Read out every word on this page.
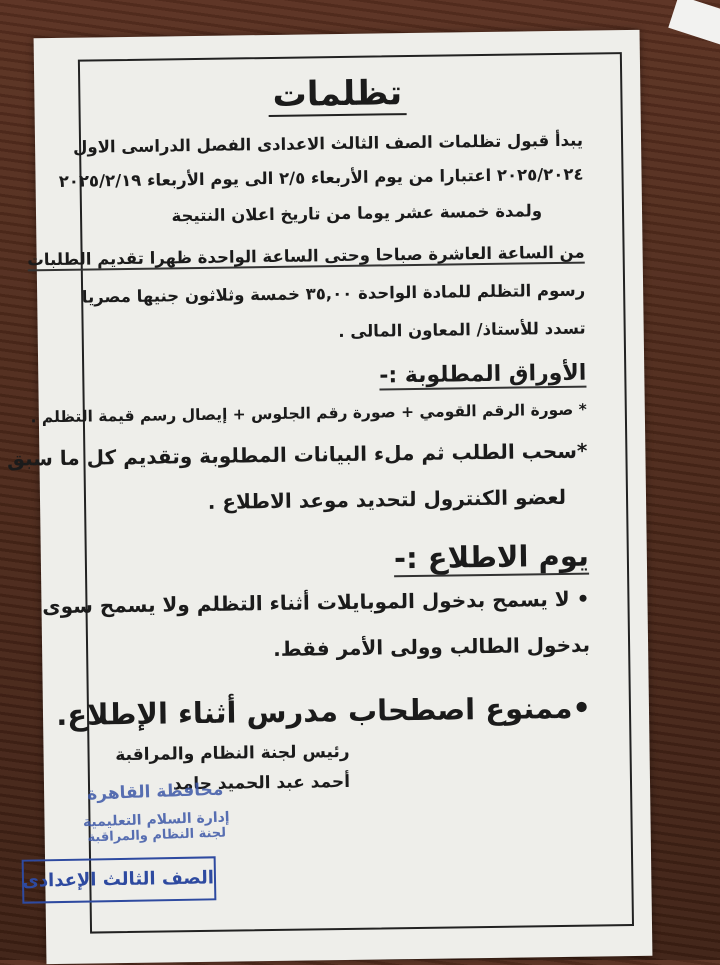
تظلمات
يبدأ قبول تظلمات الصف الثالث الاعدادى الفصل الدراسى الاول
٢٠٢٥/٢٠٢٤ اعتبارا من يوم الأربعاء ٢/٥ الى يوم الأربعاء ٢٠٢٥/٢/١٩
ولمدة خمسة عشر يوما من تاريخ اعلان النتيجة
من الساعة العاشرة صباحا وحتى الساعة الواحدة ظهرا تقديم الطلبات
رسوم التظلم للمادة الواحدة ٣٥,٠٠ خمسة وثلاثون جنيها مصريا
تسدد للأستاذ/ المعاون المالى .
الأوراق المطلوبة :-
* صورة الرقم القومي + صورة رقم الجلوس + إيصال رسم قيمة التظلم .
*سحب الطلب ثم ملء البيانات المطلوبة وتقديم كل ما سبق
لعضو الكنترول لتحديد موعد الاطلاع .
يوم الاطلاع :-
• لا يسمح بدخول الموبايلات أثناء التظلم ولا يسمح سوى
بدخول الطالب وولى الأمر فقط.
•ممنوع اصطحاب مدرس أثناء الإطلاع.
رئيس لجنة النظام والمراقبة
أحمد عبد الحميد حامد
محافظة القاهرة
إدارة السلام التعليمية
لجنة النظام والمراقبة
الصف الثالث الإعدادى
